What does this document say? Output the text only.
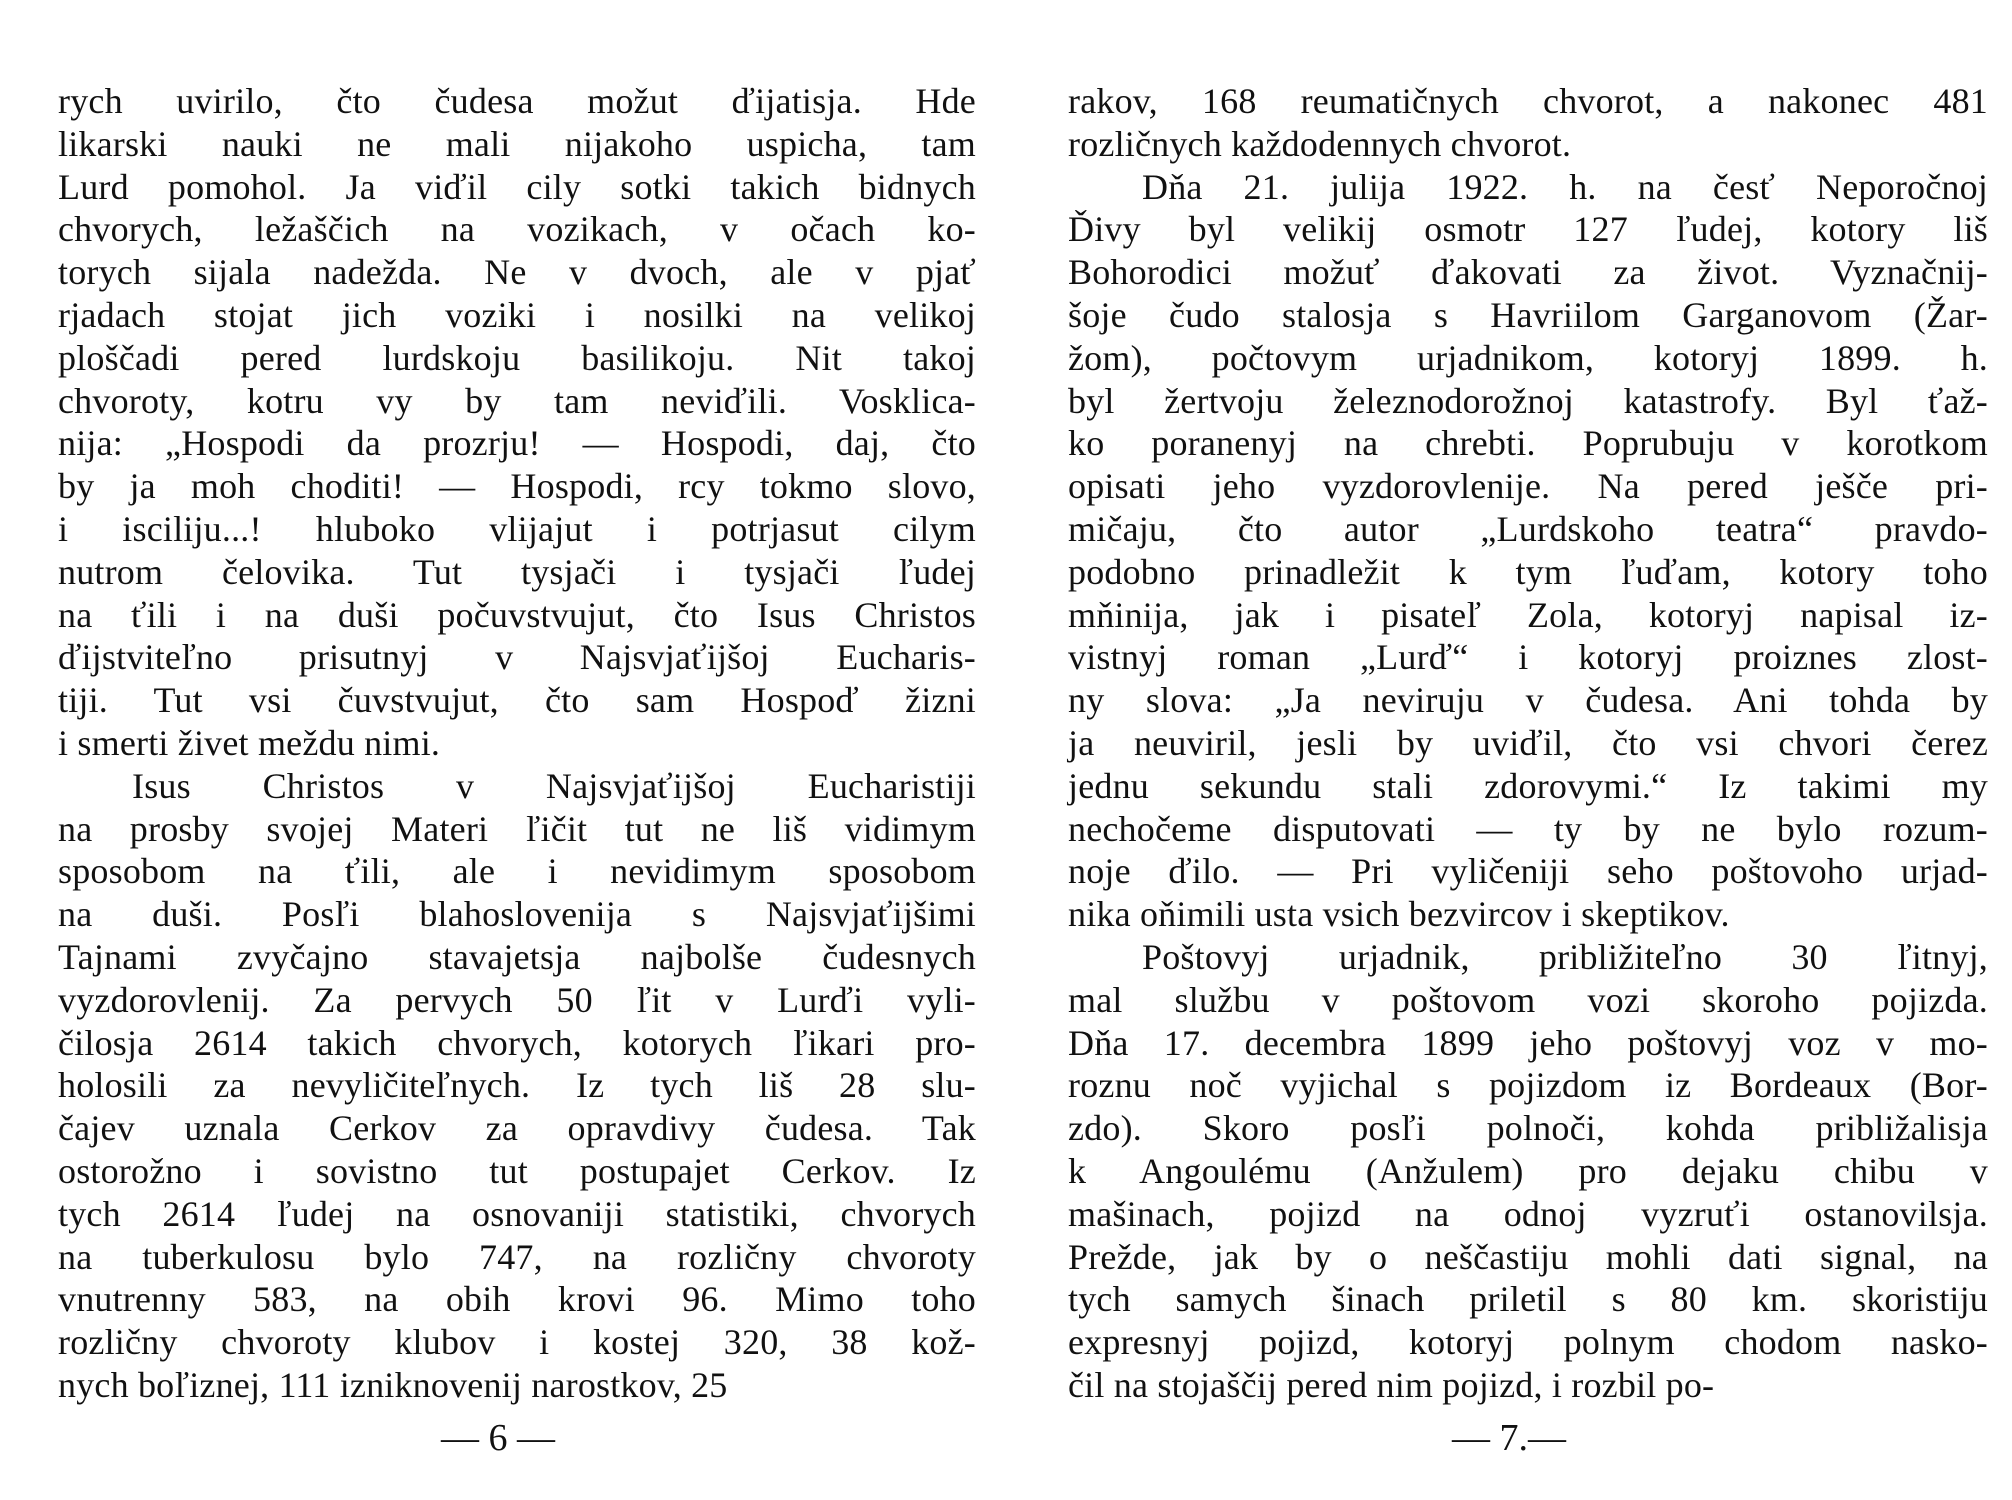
rych uvirilo, čto čudesa možut ďijatisja. Hde
likarski nauki ne mali nijakoho uspicha, tam
Lurd pomohol. Ja viďil cily sotki takich bidnych
chvorych, ležaščich na vozikach, v očach ko-
torych sijala nadežda. Ne v dvoch, ale v pjať
rjadach stojat jich voziki i nosilki na velikoj
ploščadi pered lurdskoju basilikoju. Nit takoj
chvoroty, kotru vy by tam neviďili. Vosklica-
nija: „Hospodi da prozrju! — Hospodi, daj, čto
by ja moh choditi! — Hospodi, rcy tokmo slovo,
i isciliju...! hluboko vlijajut i potrjasut cilym
nutrom čelovika. Tut tysjači i tysjači ľudej
na ťili i na duši počuvstvujut, čto Isus Christos
ďijstviteľno prisutnyj v Najsvjaťijšoj Eucharis-
tiji. Tut vsi čuvstvujut, čto sam Hospoď žizni
i smerti živet meždu nimi.
Isus Christos v Najsvjaťijšoj Eucharistiji
na prosby svojej Materi ľičit tut ne liš vidimym
sposobom na ťili, ale i nevidimym sposobom
na duši. Posľi blahoslovenija s Najsvjaťijšimi
Tajnami zvyčajno stavajetsja najbolše čudesnych
vyzdorovlenij. Za pervych 50 ľit v Lurďi vyli-
čilosja 2614 takich chvorych, kotorych ľikari pro-
holosili za nevyličiteľnych. Iz tych liš 28 slu-
čajev uznala Cerkov za opravdivy čudesa. Tak
ostorožno i sovistno tut postupajet Cerkov. Iz
tych 2614 ľudej na osnovaniji statistiki, chvorych
na tuberkulosu bylo 747, na rozličny chvoroty
vnutrenny 583, na obih krovi 96. Mimo toho
rozličny chvoroty klubov i kostej 320, 38 kož-
nych boľiznej, 111 izniknovenij narostkov, 25
— 6 —
rakov, 168 reumatičnych chvorot, a nakonec 481
rozličnych každodennych chvorot.
Dňa 21. julija 1922. h. na česť Neporočnoj
Ďivy byl velikij osmotr 127 ľudej, kotory liš
Bohorodici možuť ďakovati za život. Vyznačnij-
šoje čudo stalosja s Havriilom Garganovom (Žar-
žom), počtovym urjadnikom, kotoryj 1899. h.
byl žertvoju železnodorožnoj katastrofy. Byl ťaž-
ko poranenyj na chrebti. Poprubuju v korotkom
opisati jeho vyzdorovlenije. Na pered ješče pri-
mičaju, čto autor „Lurdskoho teatra“ pravdo-
podobno prinadležit k tym ľuďam, kotory toho
mňinija, jak i pisateľ Zola, kotoryj napisal iz-
vistnyj roman „Lurď“ i kotoryj proiznes zlost-
ny slova: „Ja neviruju v čudesa. Ani tohda by
ja neuviril, jesli by uviďil, čto vsi chvori čerez
jednu sekundu stali zdorovymi.“ Iz takimi my
nechočeme disputovati — ty by ne bylo rozum-
noje ďilo. — Pri vyličeniji seho poštovoho urjad-
nika oňimili usta vsich bezvircov i skeptikov.
Poštovyj urjadnik, približiteľno 30 ľitnyj,
mal službu v poštovom vozi skoroho pojizda.
Dňa 17. decembra 1899 jeho poštovyj voz v mo-
roznu noč vyjichal s pojizdom iz Bordeaux (Bor-
zdo). Skoro posľi polnoči, kohda približalisja
k Angoulému (Anžulem) pro dejaku chibu v
mašinach, pojizd na odnoj vyzruťi ostanovilsja.
Prežde, jak by o neščastiju mohli dati signal, na
tych samych šinach priletil s 80 km. skoristiju
expresnyj pojizd, kotoryj polnym chodom nasko-
čil na stojaščij pered nim pojizd, i rozbil po-
— 7.—
